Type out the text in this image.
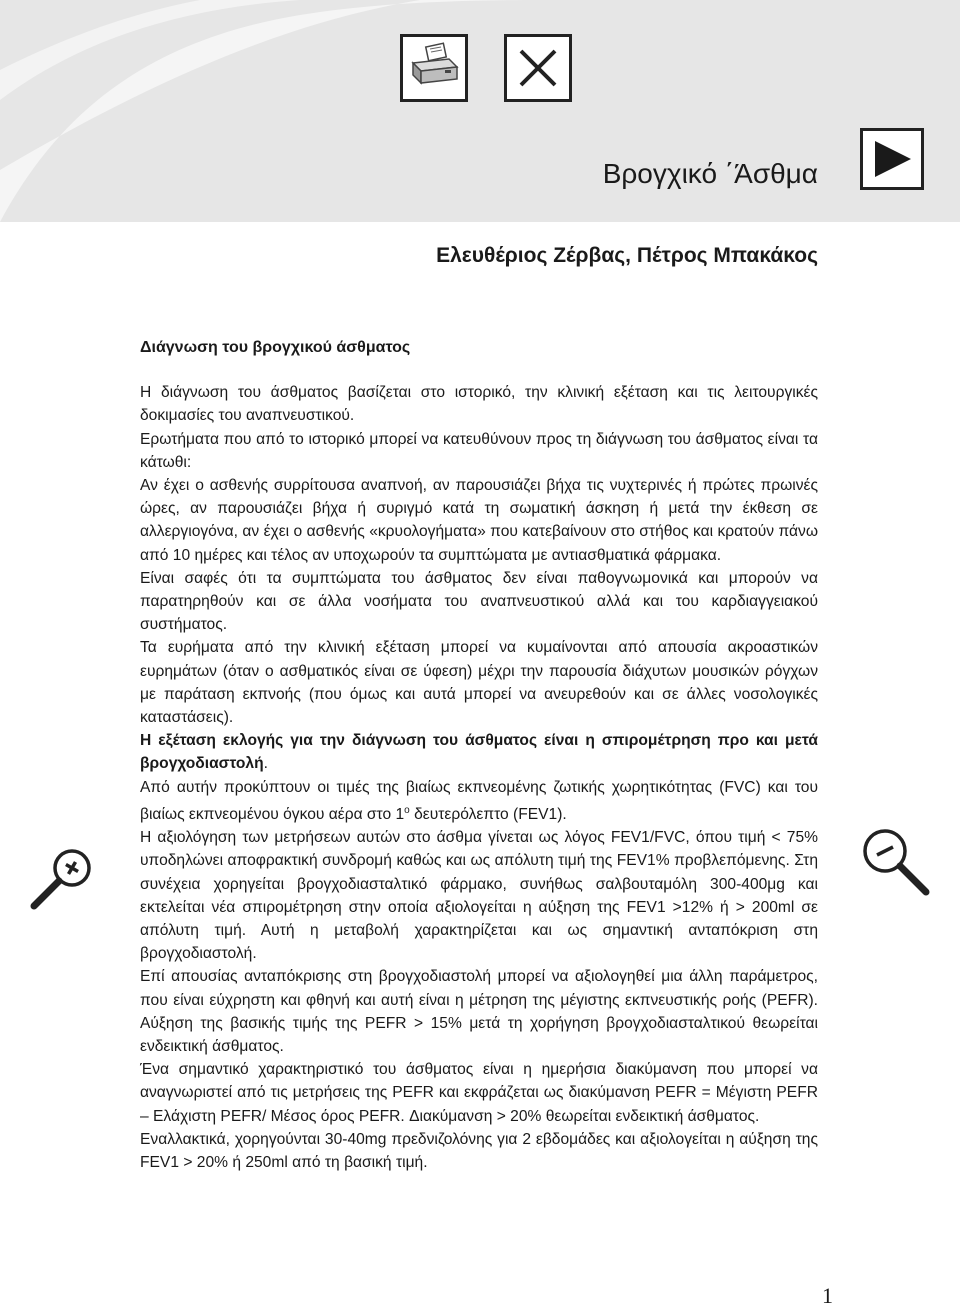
Βρογχικό ΄Άσθμα
Ελευθέριος Ζέρβας, Πέτρος Μπακάκος
Διάγνωση του βρογχικού άσθματος

Η διάγνωση του άσθματος βασίζεται στο ιστορικό, την κλινική εξέταση και τις λειτουργικές δοκιμασίες του αναπνευστικού.

Ερωτήματα που από το ιστορικό μπορεί να κατευθύνουν προς τη διάγνωση του άσθματος είναι τα κάτωθι:

Αν έχει ο ασθενής συρρίτουσα αναπνοή, αν παρουσιάζει βήχα τις νυχτερινές ή πρώτες πρωινές ώρες, αν παρουσιάζει βήχα ή συριγμό κατά τη σωματική άσκηση ή μετά την έκθεση σε αλλεργιογόνα, αν έχει ο ασθενής «κρυολογήματα» που κατεβαίνουν στο στήθος και κρατούν πάνω από 10 ημέρες και τέλος αν υποχωρούν τα συμπτώματα με αντιασθματικά φάρμακα.

Είναι σαφές ότι τα συμπτώματα του άσθματος δεν είναι παθογνωμονικά και μπορούν να παρατηρηθούν και σε άλλα νοσήματα του αναπνευστικού αλλά και του καρδιαγγειακού συστήματος.

Τα ευρήματα από την κλινική εξέταση μπορεί να κυμαίνονται από απουσία ακροαστικών ευρημάτων (όταν ο ασθματικός είναι σε ύφεση) μέχρι την παρουσία διάχυτων μουσικών ρόγχων με παράταση εκπνοής (που όμως και αυτά μπορεί να ανευρεθούν και σε άλλες νοσολογικές καταστάσεις).

Η εξέταση εκλογής για την διάγνωση του άσθματος είναι η σπιρομέτρηση προ και μετά βρογχοδιαστολή.

Από αυτήν προκύπτουν οι τιμές της βιαίως εκπνεομένης ζωτικής χωρητικότητας (FVC) και του βιαίως εκπνεομένου όγκου αέρα στο $1^o$ δευτερόλεπτο (FEV1).

Η αξιολόγηση των μετρήσεων αυτών στο άσθμα γίνεται ως λόγος FEV1/FVC, όπου τιμή < 75% υποδηλώνει αποφρακτική συνδρομή καθώς και ως απόλυτη τιμή της FEV1% προβλεπόμενης. Στη συνέχεια χορηγείται βρογχοδιασταλτικό φάρμακο, συνήθως σαλβουταμόλη 300-400μg και εκτελείται νέα σπιρομέτρηση στην οποία αξιολογείται η αύξηση της FEV1 >12% ή > 200ml σε απόλυτη τιμή. Αυτή η μεταβολή χαρακτηρίζεται και ως σημαντική ανταπόκριση στη βρογχοδιαστολή.

Επί απουσίας ανταπόκρισης στη βρογχοδιαστολή μπορεί να αξιολογηθεί μια άλλη παράμετρος, που είναι εύχρηστη και φθηνή και αυτή είναι η μέτρηση της μέγιστης εκπνευστικής ροής (PEFR). Αύξηση της βασικής τιμής της PEFR > 15% μετά τη χορήγηση βρογχοδιασταλτικού θεωρείται ενδεικτική άσθματος.

Ένα σημαντικό χαρακτηριστικό του άσθματος είναι η ημερήσια διακύμανση που μπορεί να αναγνωριστεί από τις μετρήσεις της PEFR και εκφράζεται ως διακύμανση PEFR = Μέγιστη PEFR – Ελάχιστη PEFR/ Μέσος όρος PEFR. Διακύμανση > 20% θεωρείται ενδεικτική άσθματος.

Εναλλακτικά, χορηγούνται 30-40mg πρεδνιζολόνης για 2 εβδομάδες και αξιολογείται η αύξηση της FEV1 > 20% ή 250ml από τη βασική τιμή.

1
